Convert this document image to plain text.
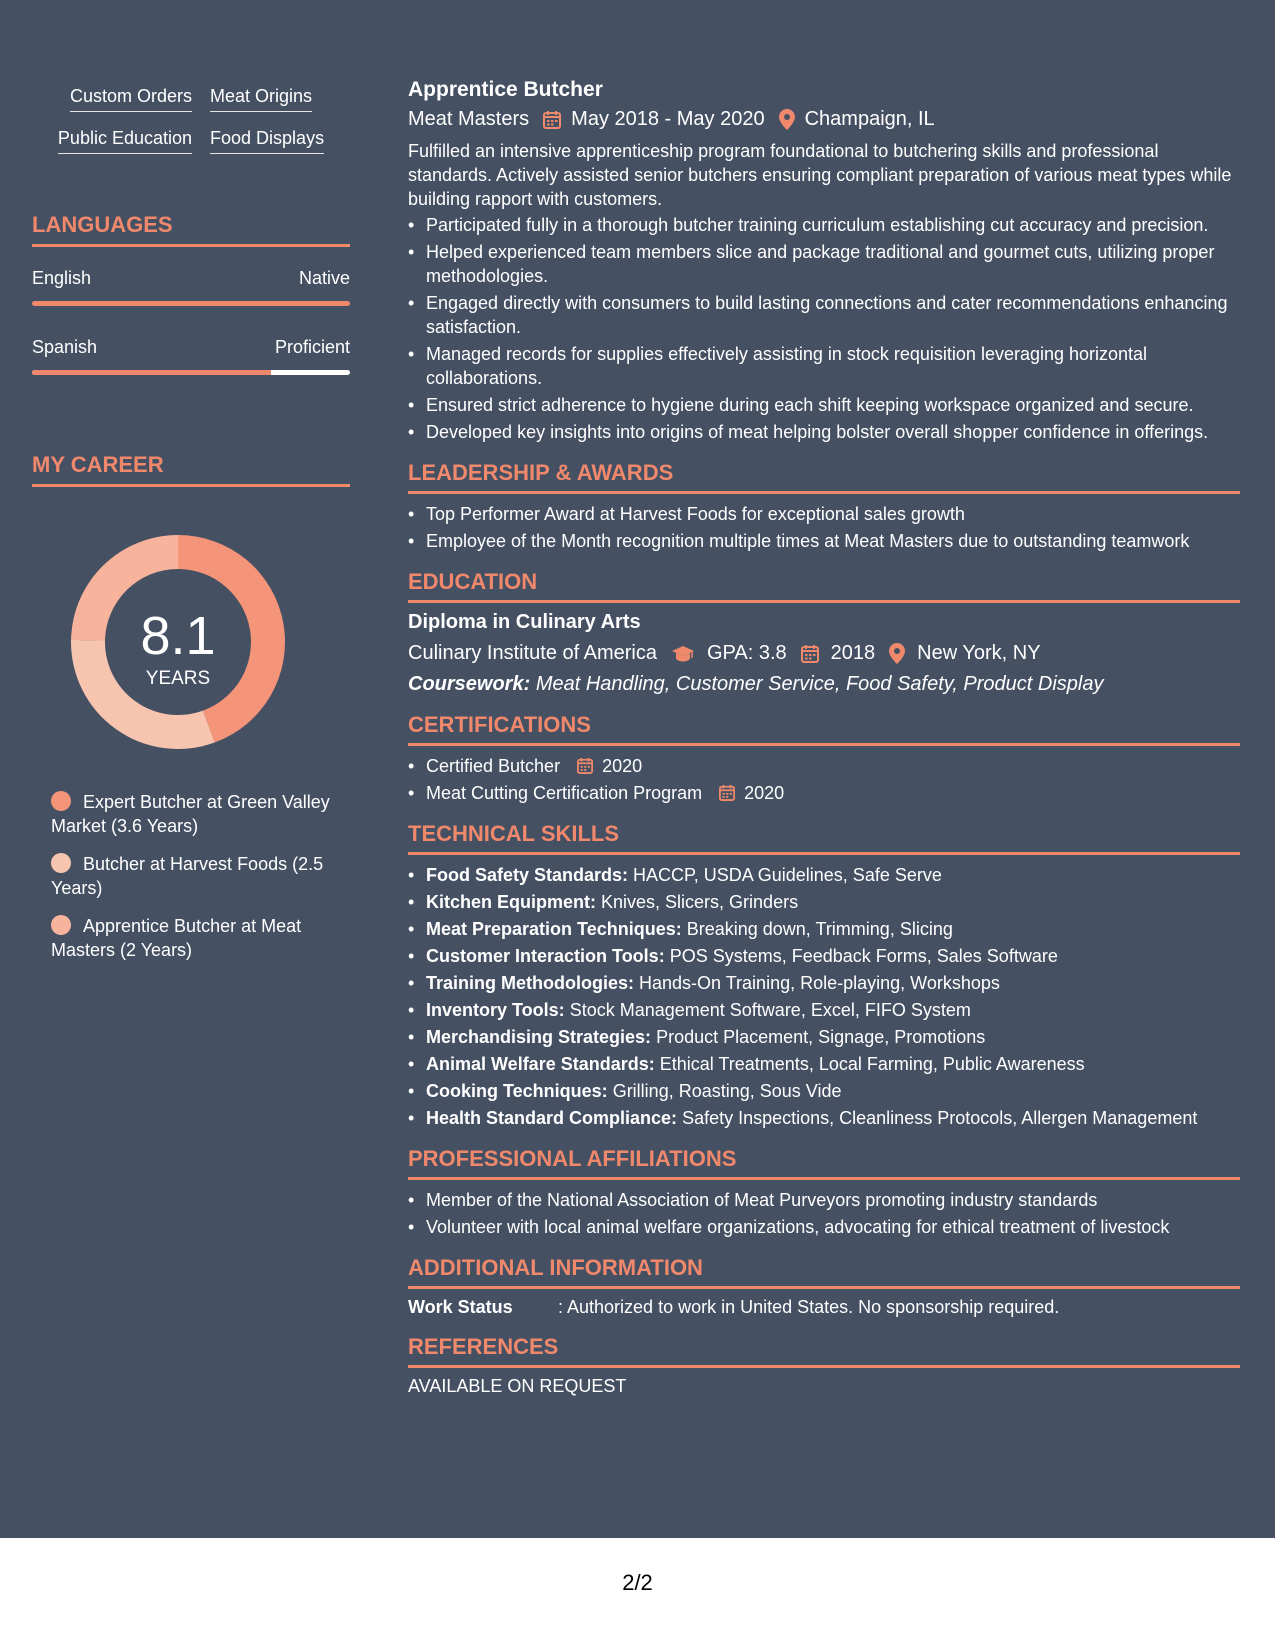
Custom Orders Meat Origins
Public Education Food Displays
LANGUAGES
English	Native
Spanish	Proficient
MY CAREER
8.1
YEARS
Expert Butcher at Green Valley Market (3.6 Years)
Butcher at Harvest Foods (2.5 Years)
Apprentice Butcher at Meat Masters (2 Years)
Apprentice Butcher
Meat Masters May 2018 - May 2020 Champaign, IL
Fulfilled an intensive apprenticeship program foundational to butchering skills and professional standards. Actively assisted senior butchers ensuring compliant preparation of various meat types while building rapport with customers.
• Participated fully in a thorough butcher training curriculum establishing cut accuracy and precision.
• Helped experienced team members slice and package traditional and gourmet cuts, utilizing proper methodologies.
• Engaged directly with consumers to build lasting connections and cater recommendations enhancing satisfaction.
• Managed records for supplies effectively assisting in stock requisition leveraging horizontal collaborations.
• Ensured strict adherence to hygiene during each shift keeping workspace organized and secure.
• Developed key insights into origins of meat helping bolster overall shopper confidence in offerings.
LEADERSHIP & AWARDS
• Top Performer Award at Harvest Foods for exceptional sales growth
• Employee of the Month recognition multiple times at Meat Masters due to outstanding teamwork
EDUCATION
Diploma in Culinary Arts
Culinary Institute of America	GPA: 3.8 2018 New York, NY
Coursework: Meat Handling, Customer Service, Food Safety, Product Display
CERTIFICATIONS
• Certified Butcher 2020
• Meat Cutting Certification Program 2020
TECHNICAL SKILLS
• Food Safety Standards: HACCP, USDA Guidelines, Safe Serve
• Kitchen Equipment: Knives, Slicers, Grinders
• Meat Preparation Techniques: Breaking down, Trimming, Slicing
• Customer Interaction Tools: POS Systems, Feedback Forms, Sales Software
• Training Methodologies: Hands-On Training, Role-playing, Workshops
• Inventory Tools: Stock Management Software, Excel, FIFO System
• Merchandising Strategies: Product Placement, Signage, Promotions
• Animal Welfare Standards: Ethical Treatments, Local Farming, Public Awareness
• Cooking Techniques: Grilling, Roasting, Sous Vide
• Health Standard Compliance: Safety Inspections, Cleanliness Protocols, Allergen Management
PROFESSIONAL AFFILIATIONS
• Member of the National Association of Meat Purveyors promoting industry standards
• Volunteer with local animal welfare organizations, advocating for ethical treatment of livestock
ADDITIONAL INFORMATION
Work Status	: Authorized to work in United States. No sponsorship required.
REFERENCES
AVAILABLE ON REQUEST
2/2
